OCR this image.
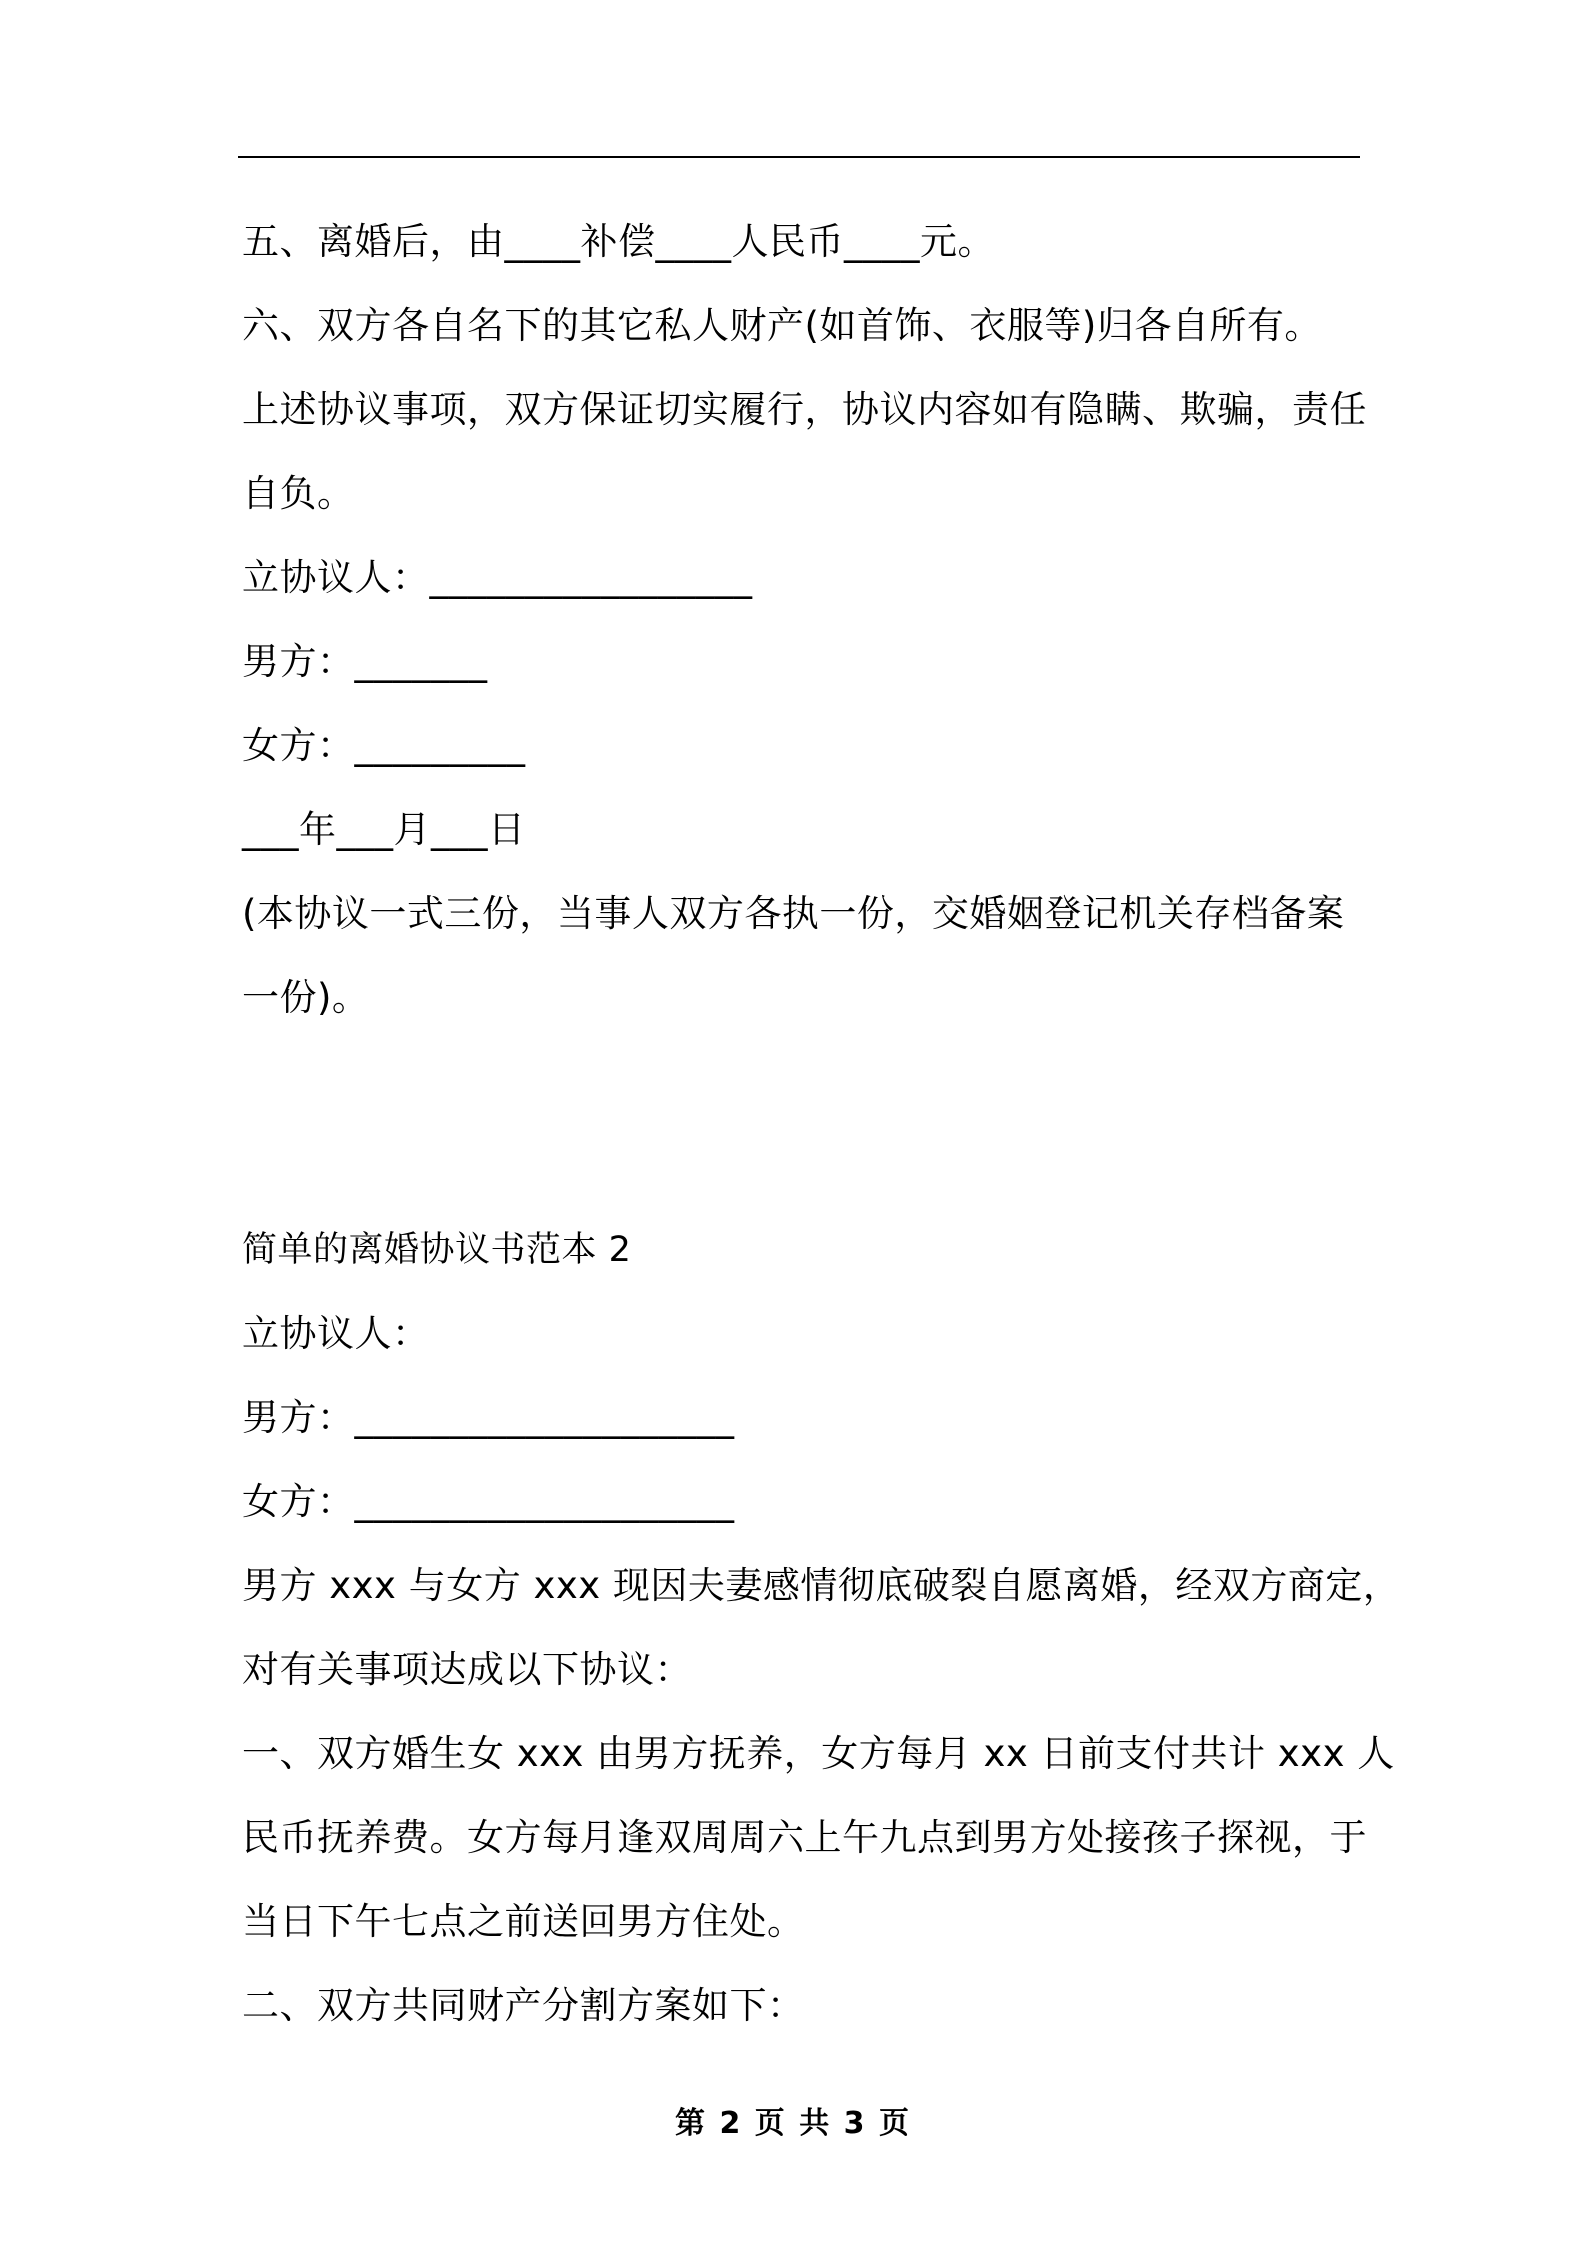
五、离婚后，由____补偿____人民币____元。
六、双方各自名下的其它私人财产(如首饰、衣服等)归各自所有。
上述协议事项，双方保证切实履行，协议内容如有隐瞒、欺骗，责任
自负。
立协议人：_________________
男方：_______
女方：_________
___年___月___日
(本协议一式三份，当事人双方各执一份，交婚姻登记机关存档备案
一份)。
简单的离婚协议书范本 2
立协议人：
男方：____________________
女方：____________________
男方 xxx 与女方 xxx 现因夫妻感情彻底破裂自愿离婚，经双方商定，
对有关事项达成以下协议：
一、双方婚生女 xxx 由男方抚养，女方每月 xx 日前支付共计 xxx 人
民币抚养费。女方每月逢双周周六上午九点到男方处接孩子探视，于
当日下午七点之前送回男方住处。
二、双方共同财产分割方案如下：
第 2 页 共 3 页
